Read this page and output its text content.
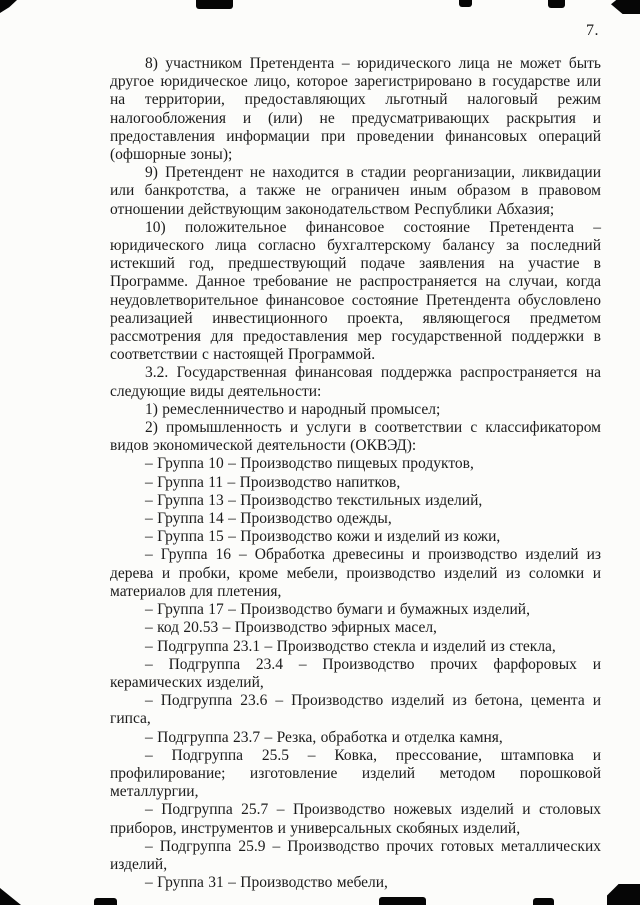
7.

8) участником Претендента – юридического лица не может быть другое юридическое лицо, которое зарегистрировано в государстве или на территории, предоставляющих льготный налоговый режим налогообложения и (или) не предусматривающих раскрытия и предоставления информации при проведении финансовых операций (офшорные зоны);

9) Претендент не находится в стадии реорганизации, ликвидации или банкротства, а также не ограничен иным образом в правовом отношении действующим законодательством Республики Абхазия;

10) положительное финансовое состояние Претендента – юридического лица согласно бухгалтерскому балансу за последний истекший год, предшествующий подаче заявления на участие в Программе. Данное требование не распространяется на случаи, когда неудовлетворительное финансовое состояние Претендента обусловлено реализацией инвестиционного проекта, являющегося предметом рассмотрения для предоставления мер государственной поддержки в соответствии с настоящей Программой.

3.2. Государственная финансовая поддержка распространяется на следующие виды деятельности:

1) ремесленничество и народный промысел;

2) промышленность и услуги в соответствии с классификатором видов экономической деятельности (ОКВЭД):

– Группа 10 – Производство пищевых продуктов,

– Группа 11 – Производство напитков,

– Группа 13 – Производство текстильных изделий,

– Группа 14 – Производство одежды,

– Группа 15 – Производство кожи и изделий из кожи,

– Группа 16 – Обработка древесины и производство изделий из дерева и пробки, кроме мебели, производство изделий из соломки и материалов для плетения,

– Группа 17 – Производство бумаги и бумажных изделий,

– код 20.53 – Производство эфирных масел,

– Подгруппа 23.1 – Производство стекла и изделий из стекла,

– Подгруппа 23.4 – Производство прочих фарфоровых и керамических изделий,

– Подгруппа 23.6 – Производство изделий из бетона, цемента и гипса,

– Подгруппа 23.7 – Резка, обработка и отделка камня,

– Подгруппа 25.5 – Ковка, прессование, штамповка и профилирование; изготовление изделий методом порошковой металлургии,

– Подгруппа 25.7 – Производство ножевых изделий и столовых приборов, инструментов и универсальных скобяных изделий,

– Подгруппа 25.9 – Производство прочих готовых металлических изделий,

– Группа 31 – Производство мебели,
